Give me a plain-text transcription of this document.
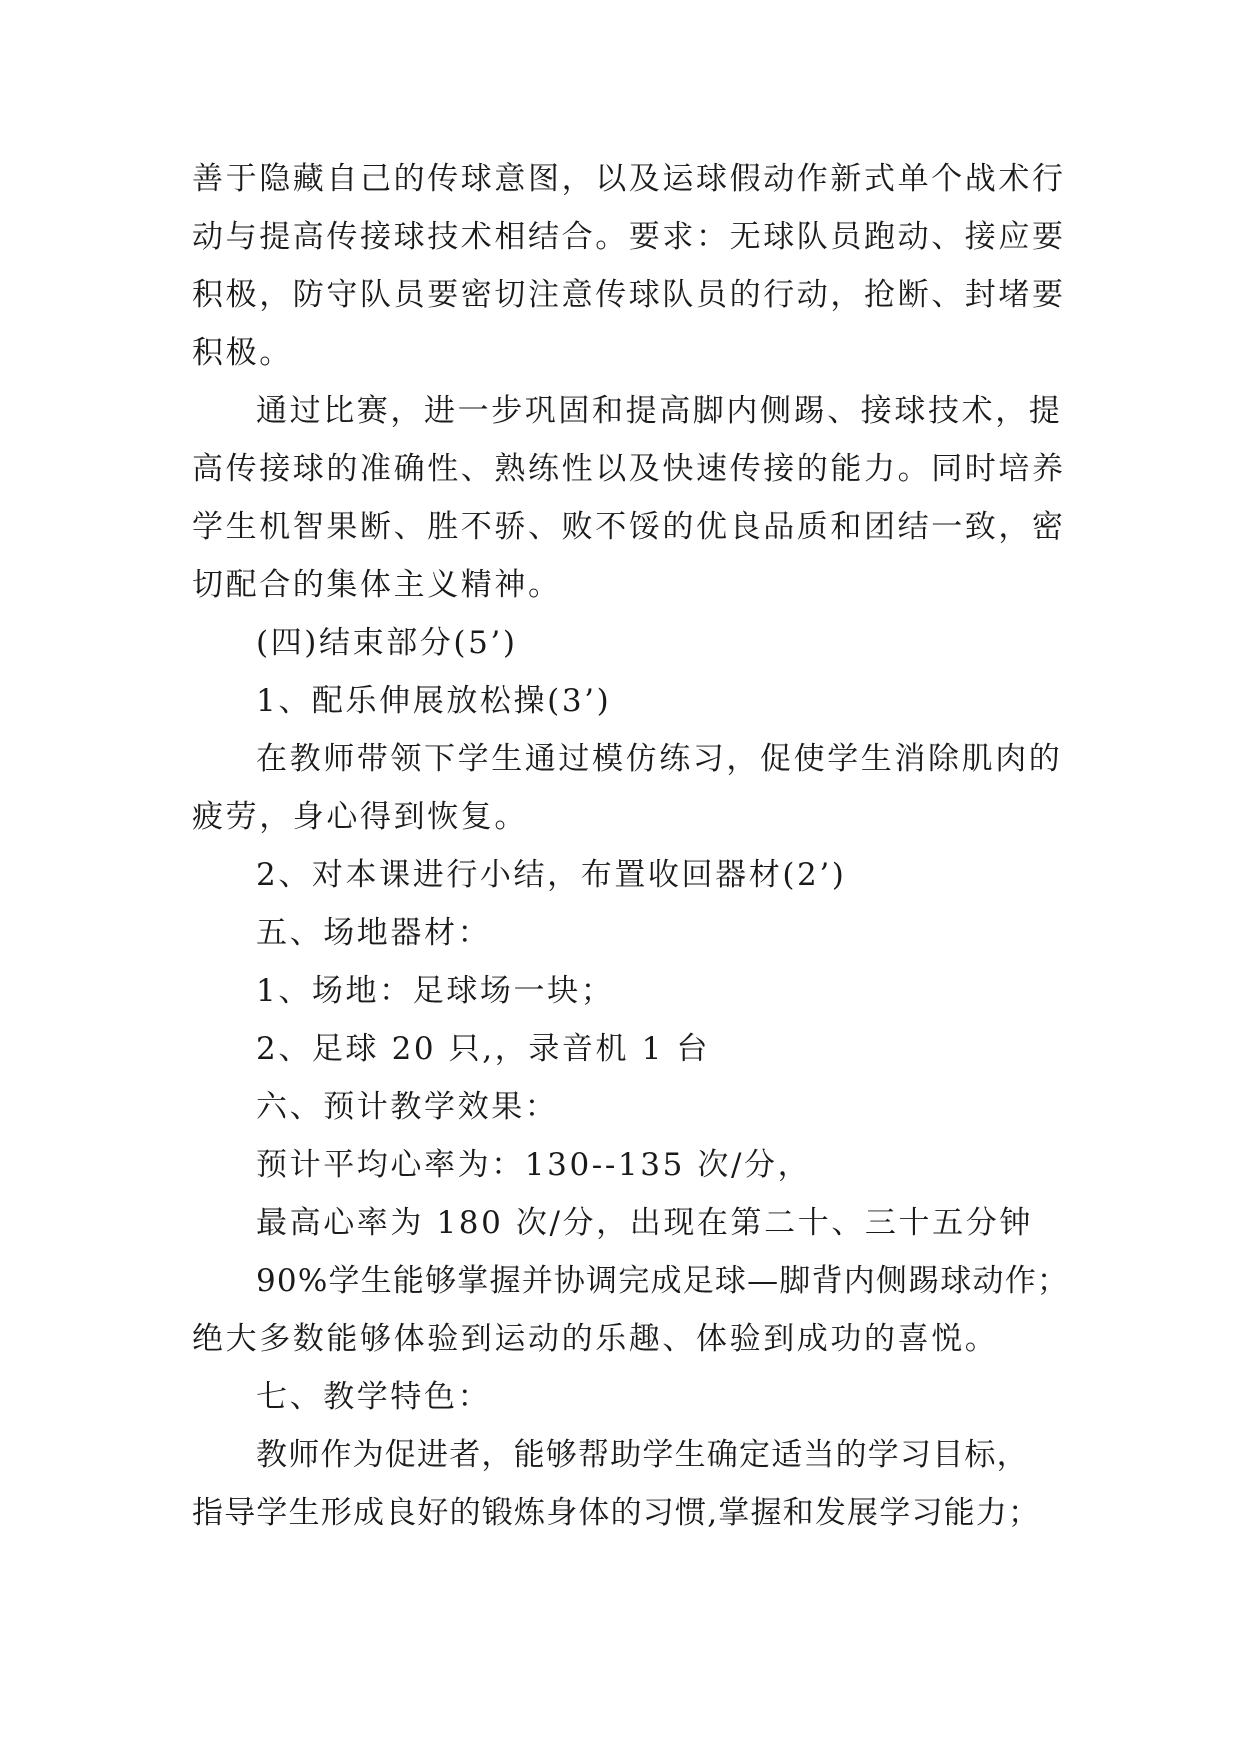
善于隐藏自己的传球意图，以及运球假动作新式单个战术行
动与提高传接球技术相结合。要求：无球队员跑动、接应要
积极，防守队员要密切注意传球队员的行动，抢断、封堵要
积极。
通过比赛，进一步巩固和提高脚内侧踢、接球技术，提
高传接球的准确性、熟练性以及快速传接的能力。同时培养
学生机智果断、胜不骄、败不馁的优良品质和团结一致，密
切配合的集体主义精神。
(四)结束部分(5’)
1、配乐伸展放松操(3’)
在教师带领下学生通过模仿练习，促使学生消除肌肉的
疲劳，身心得到恢复。
2、对本课进行小结，布置收回器材(2’)
五、场地器材：
1、场地：足球场一块；
2、足球 20 只,，录音机 1 台
六、预计教学效果：
预计平均心率为：130--135 次/分，
最高心率为 180 次/分，出现在第二十、三十五分钟
90%学生能够掌握并协调完成足球—脚背内侧踢球动作；
绝大多数能够体验到运动的乐趣、体验到成功的喜悦。
七、教学特色：
教师作为促进者，能够帮助学生确定适当的学习目标，
指导学生形成良好的锻炼身体的习惯,掌握和发展学习能力；
